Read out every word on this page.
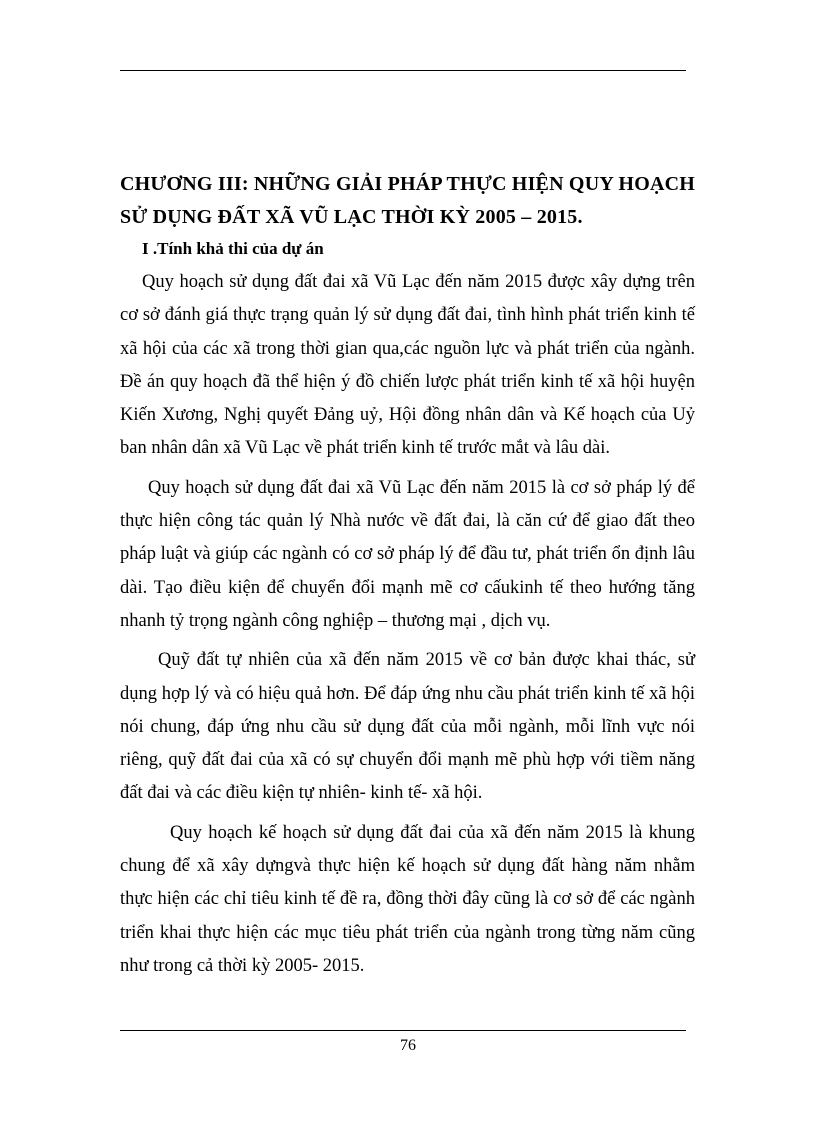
CHƯƠNG III: NHỮNG GIẢI PHÁP THỰC HIỆN QUY HOẠCH SỬ DỤNG ĐẤT XÃ VŨ LẠC THỜI KỲ 2005 – 2015.
I .Tính khả thi của dự án

Quy hoạch sử dụng đất đai xã Vũ Lạc đến năm 2015 được xây dựng trên cơ sở đánh giá thực trạng quản lý sử dụng đất đai, tình hình phát triển kinh tế xã hội của các xã trong thời gian qua,các nguồn lực và phát triển của ngành. Đề án quy hoạch đã thể hiện ý đồ chiến lược phát triển kinh tế xã hội huyện Kiến Xương, Nghị quyết Đảng uỷ, Hội đồng nhân dân và Kế hoạch của Uỷ ban nhân dân xã Vũ Lạc về phát triển kinh tế trước mắt và lâu dài.

Quy hoạch sử dụng đất đai xã Vũ Lạc đến năm 2015 là cơ sở pháp lý để thực hiện công tác quản lý Nhà nước về đất đai, là căn cứ để giao đất theo pháp luật và giúp các ngành có cơ sở pháp lý để đầu tư, phát triển ổn định lâu dài. Tạo điều kiện để chuyển đổi mạnh mẽ cơ cấukinh tế theo hướng tăng nhanh tỷ trọng ngành công nghiệp – thương mại , dịch vụ.

Quỹ đất tự nhiên của xã đến năm 2015 về cơ bản được khai thác, sử dụng hợp lý và có hiệu quả hơn. Để đáp ứng nhu cầu phát triển kinh tế xã hội nói chung, đáp ứng nhu cầu sử dụng đất của mỗi ngành, mỗi lĩnh vực nói riêng, quỹ đất đai của xã có sự chuyển đổi mạnh mẽ phù hợp với tiềm năng đất đai và các điều kiện tự nhiên- kinh tế- xã hội.

Quy hoạch kế hoạch sử dụng đất đai của xã đến năm 2015 là khung chung để xã xây dựngvà thực hiện kế hoạch sử dụng đất hàng năm nhằm thực hiện các chỉ tiêu kinh tế đề ra, đồng thời đây cũng là cơ sở để các ngành triển khai thực hiện các mục tiêu phát triển của ngành trong từng năm cũng như trong cả thời kỳ 2005- 2015.

76
